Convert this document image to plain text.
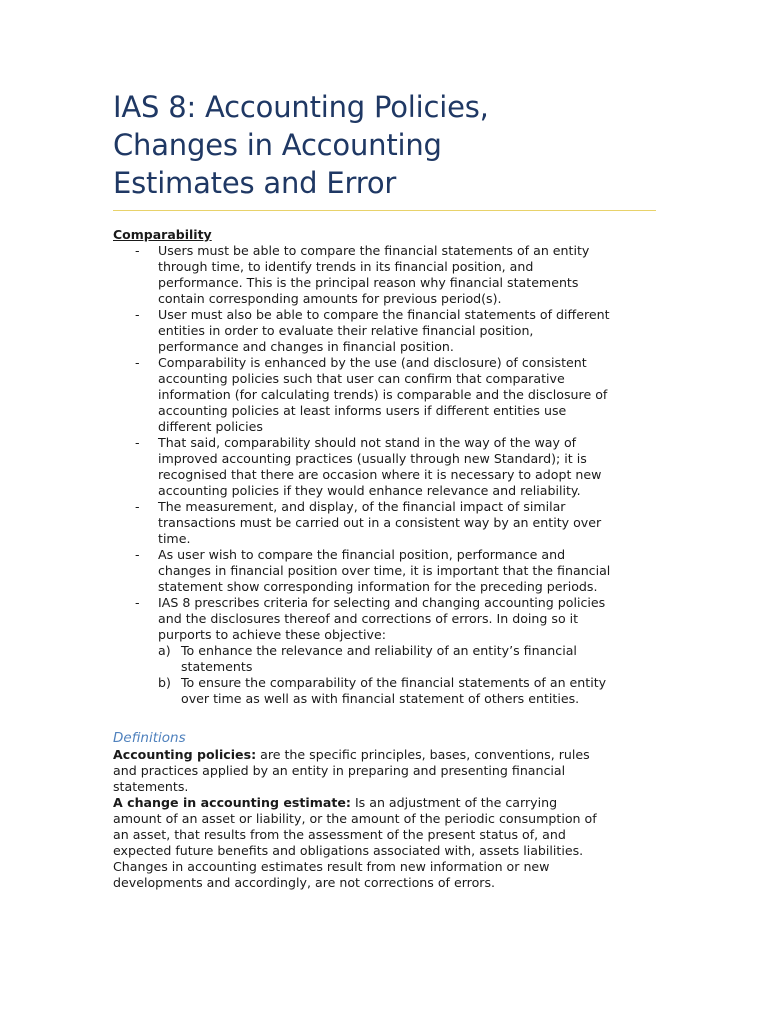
IAS 8: Accounting Policies,
Changes in Accounting
Estimates and Error
Comparability
- Users must be able to compare the financial statements of an entity
through time, to identify trends in its financial position, and
performance. This is the principal reason why financial statements
contain corresponding amounts for previous period(s).
- User must also be able to compare the financial statements of different
entities in order to evaluate their relative financial position,
performance and changes in financial position.
- Comparability is enhanced by the use (and disclosure) of consistent
accounting policies such that user can confirm that comparative
information (for calculating trends) is comparable and the disclosure of
accounting policies at least informs users if different entities use
different policies
- That said, comparability should not stand in the way of the way of
improved accounting practices (usually through new Standard); it is
recognised that there are occasion where it is necessary to adopt new
accounting policies if they would enhance relevance and reliability.
- The measurement, and display, of the financial impact of similar
transactions must be carried out in a consistent way by an entity over
time.
- As user wish to compare the financial position, performance and
changes in financial position over time, it is important that the financial
statement show corresponding information for the preceding periods.
- IAS 8 prescribes criteria for selecting and changing accounting policies
and the disclosures thereof and corrections of errors. In doing so it
purports to achieve these objective:
a) To enhance the relevance and reliability of an entity’s financial
statements
b) To ensure the comparability of the financial statements of an entity
over time as well as with financial statement of others entities.
Definitions
Accounting policies: are the specific principles, bases, conventions, rules
and practices applied by an entity in preparing and presenting financial
statements.
A change in accounting estimate: Is an adjustment of the carrying
amount of an asset or liability, or the amount of the periodic consumption of
an asset, that results from the assessment of the present status of, and
expected future benefits and obligations associated with, assets liabilities.
Changes in accounting estimates result from new information or new
developments and accordingly, are not corrections of errors.
